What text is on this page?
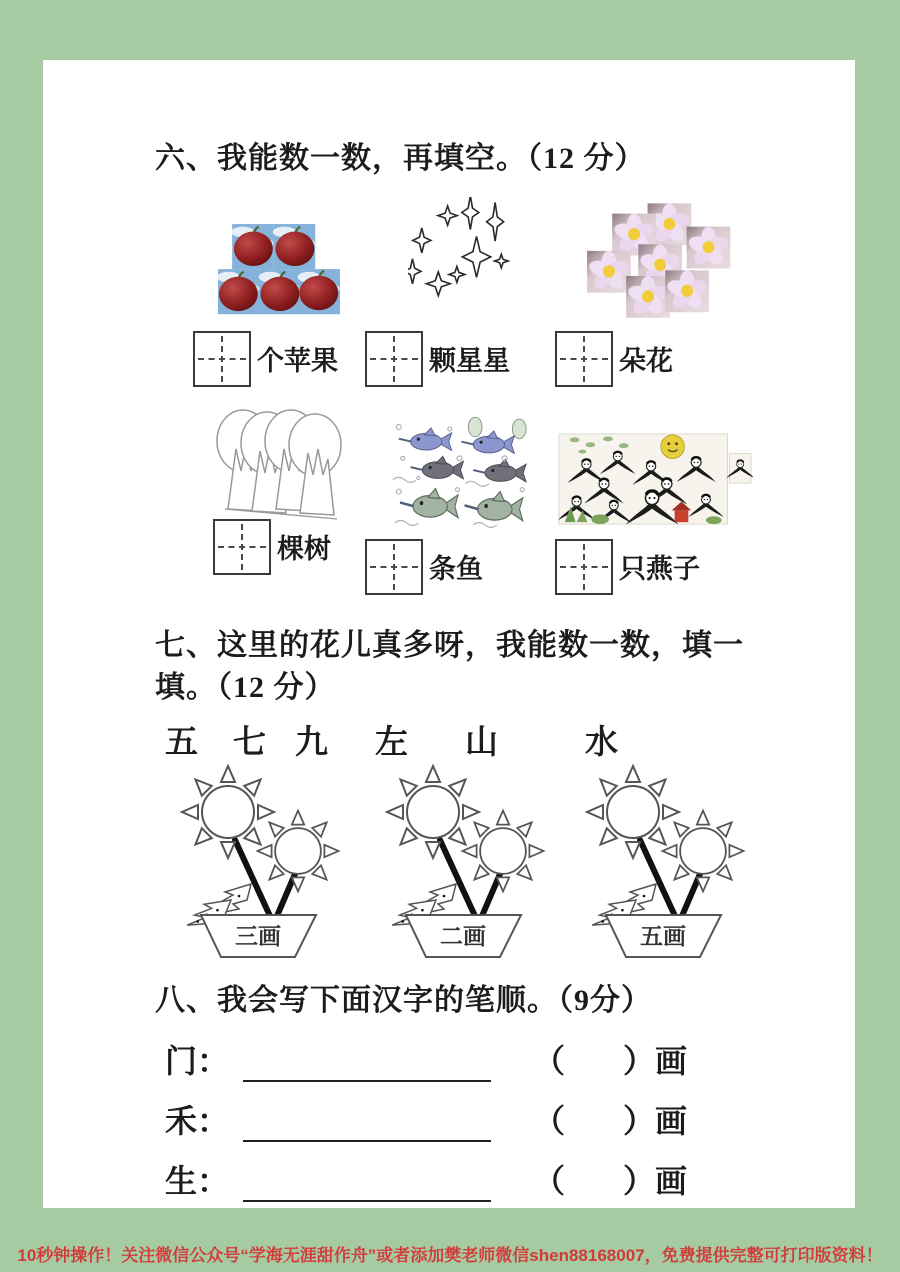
六、我能数一数，再填空。（12 分）
个苹果	颗星星	朵花
棵树
条鱼	只燕子
七、这里的花儿真多呀，我能数一数，填一
填。（12 分）
五 七 九 左 山	水
三画	二画	五画
八、我会写下面汉字的笔顺。（9分）
门：	（ ）画
禾：	（ ）画
生：	（ ）画
10秒钟操作！关注微信公众号“学海无涯甜作舟”或者添加樊老师微信shen88168007，免费提供完整可打印版资料！
